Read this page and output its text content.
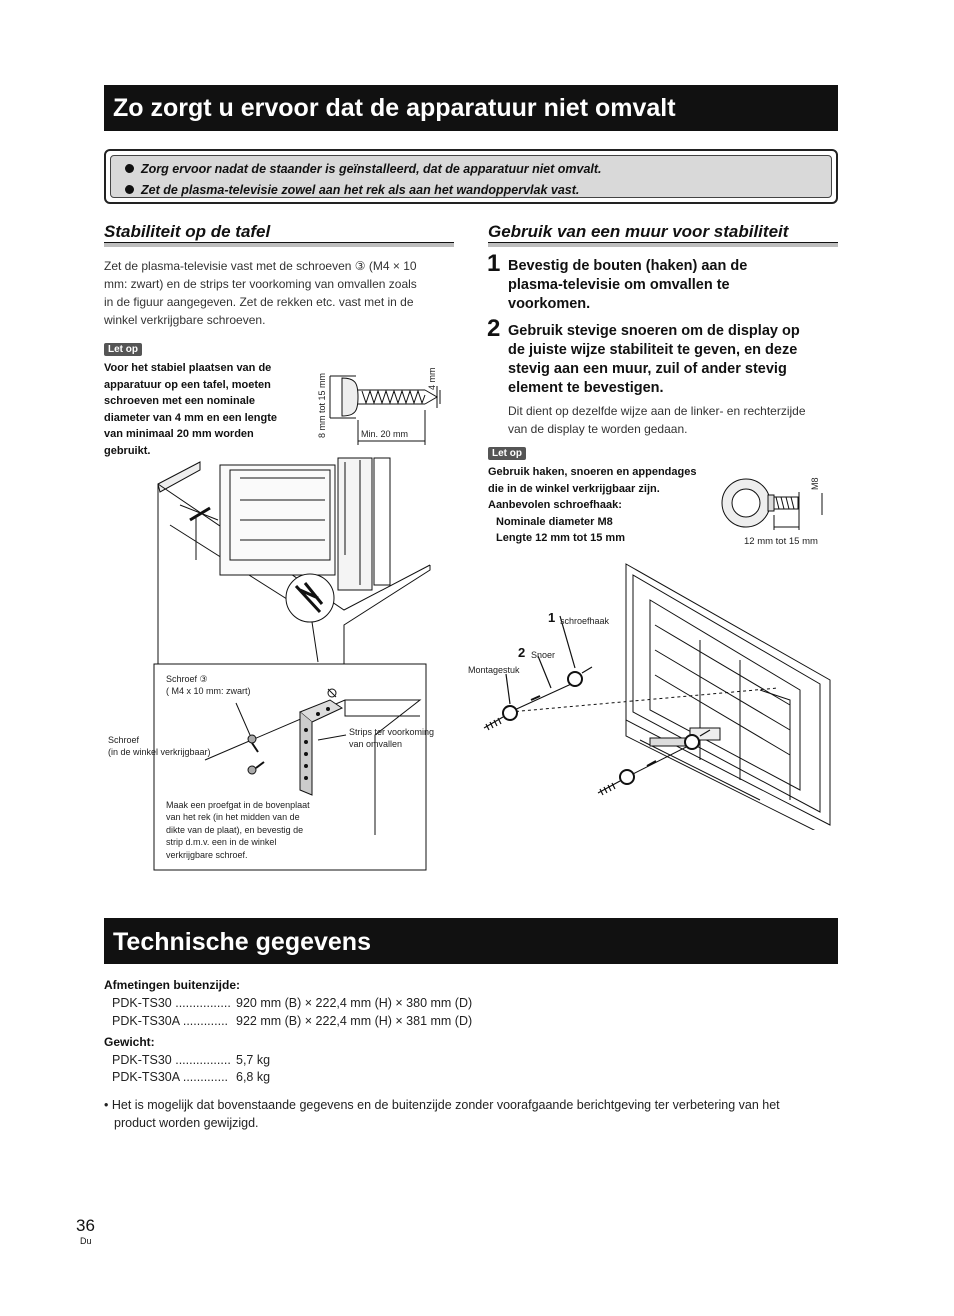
Zo zorgt u ervoor dat de apparatuur niet omvalt
Zorg ervoor nadat de staander is geïnstalleerd, dat de apparatuur niet omvalt.
Zet de plasma-televisie zowel aan het rek als aan het wandoppervlak vast.
Stabiliteit op de tafel
Zet de plasma-televisie vast met de schroeven ③ (M4 × 10
mm: zwart) en de strips ter voorkoming van omvallen zoals
in de figuur aangegeven. Zet de rekken etc. vast met in de
winkel verkrijgbare schroeven.
Let op
Voor het stabiel plaatsen van de
apparatuur op een tafel, moeten
schroeven met een nominale
diameter van 4 mm en een lengte
van minimaal 20 mm worden
gebruikt.
8 mm tot 15 mm	4 mm
Min. 20 mm
Schroef ③
( M4 x 10 mm: zwart)
Schroef
(in de winkel verkrijgbaar)
Strips ter voorkoming
van omvallen
Maak een proefgat in de bovenplaat
van het rek (in het midden van de
dikte van de plaat), en bevestig de
strip d.m.v. een in de winkel
verkrijgbare schroef.
Gebruik van een muur voor stabiliteit
1 Bevestig de bouten (haken) aan de
plasma-televisie om omvallen te
voorkomen.
2 Gebruik stevige snoeren om de display op
de juiste wijze stabiliteit te geven, en deze
stevig aan een muur, zuil of ander stevig
element te bevestigen.
Dit dient op dezelfde wijze aan de linker- en rechterzijde
van de display te worden gedaan.
Let op
Gebruik haken, snoeren en appendages
die in de winkel verkrijgbaar zijn.
Aanbevolen schroefhaak:
Nominale diameter M8
Lengte 12 mm tot 15 mm
M8
12 mm tot 15 mm
1 schroefhaak
2 Snoer
Montagestuk
Technische gegevens
Afmetingen buitenzijde:
PDK-TS30 ................ 920 mm (B) × 222,4 mm (H) × 380 mm (D)
PDK-TS30A ............. 922 mm (B) × 222,4 mm (H) × 381 mm (D)
Gewicht:
PDK-TS30 ................ 5,7 kg
PDK-TS30A ............. 6,8 kg
• Het is mogelijk dat bovenstaande gegevens en de buitenzijde zonder voorafgaande berichtgeving ter verbetering van het
product worden gewijzigd.
36
Du
